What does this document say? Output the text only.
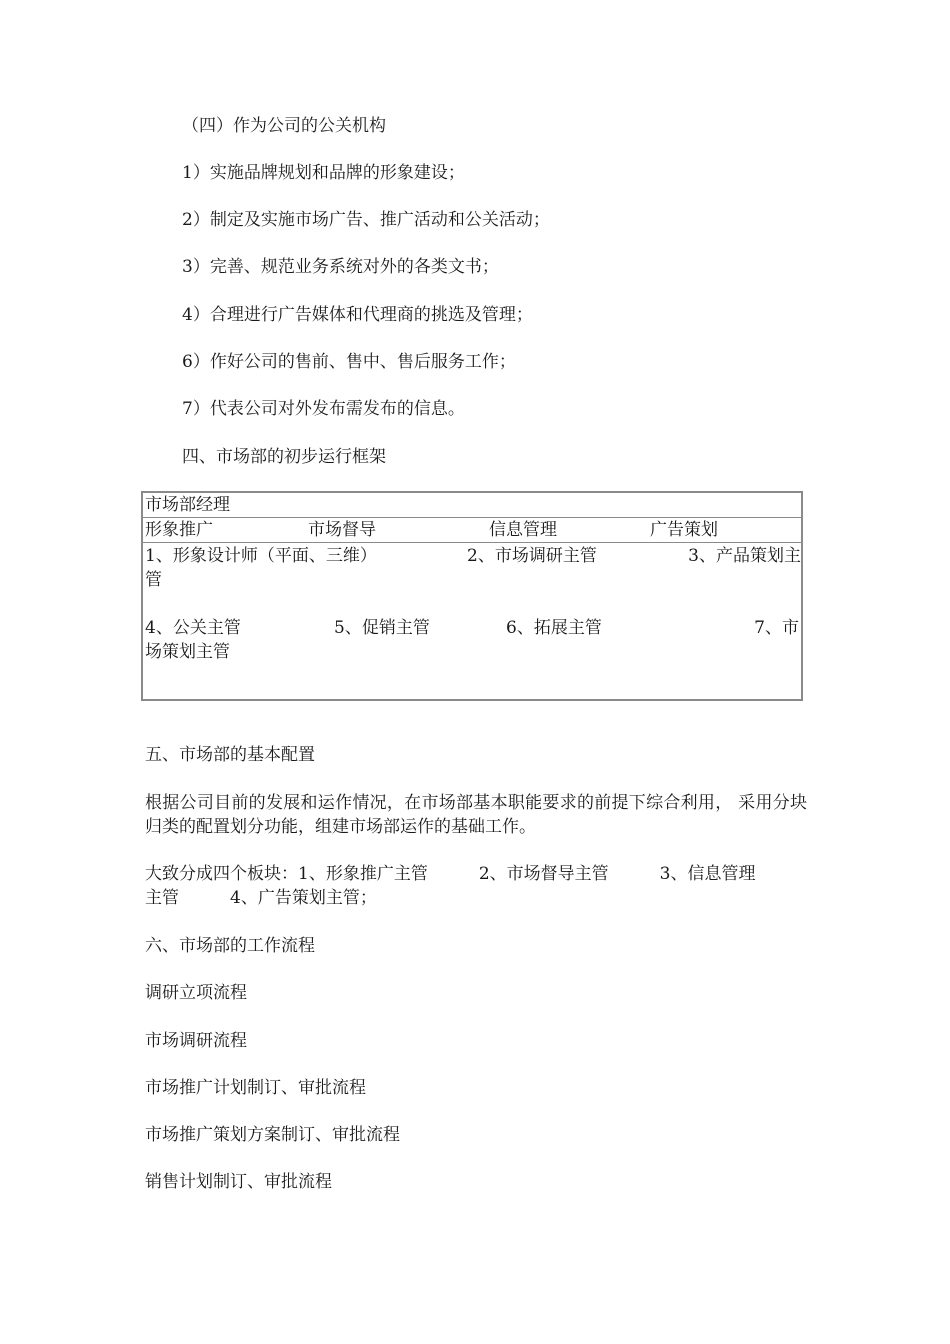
（四）作为公司的公关机构

1）实施品牌规划和品牌的形象建设；

2）制定及实施市场广告、推广活动和公关活动；

3）完善、规范业务系统对外的各类文书；

4）合理进行广告媒体和代理商的挑选及管理；

6）作好公司的售前、售中、售后服务工作；

7）代表公司对外发布需发布的信息。

四、市场部的初步运行框架

市场部经理
形象推广	市场督导	信息管理	广告策划
1、形象设计师（平面、三维）	2、市场调研主管	3、产品策划主
管
4、公关主管	5、促销主管	6、拓展主管	7、市
场策划主管

五、市场部的基本配置

根据公司目前的发展和运作情况，在市场部基本职能要求的前提下综合利用， 采用分块归类的配置划分功能，组建市场部运作的基础工作。

大致分成四个板块：1、形象推广主管　　　2、市场督导主管　　　3、信息管理

主管　　　4、广告策划主管；

六、市场部的工作流程

调研立项流程

市场调研流程

市场推广计划制订、审批流程

市场推广策划方案制订、审批流程

销售计划制订、审批流程
